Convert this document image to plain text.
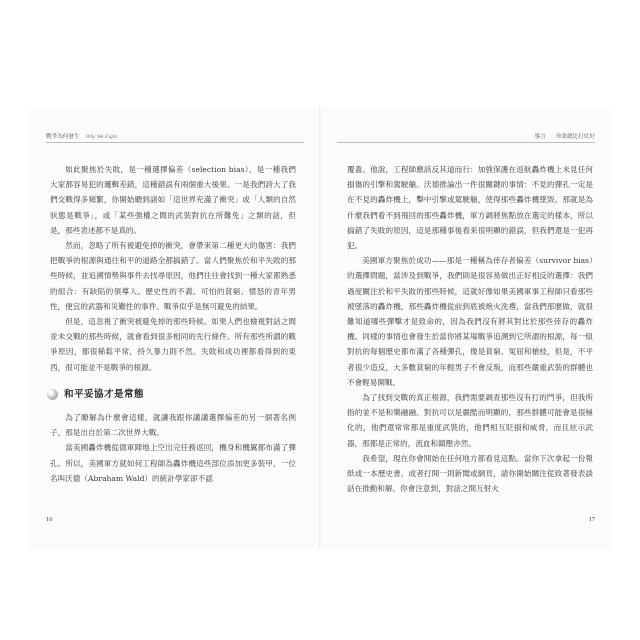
戰爭為何發生 Why We Fight

如此聚焦於失敗，是一種選擇偏差（selection bias），是一種我們大家都容易犯的邏輯差錯，這種錯誤有兩個重大後果。一是我們誇大了我們交戰得多頻繁，你開始聽到諸如「這世界充滿了衝突」或「人類的自然狀態是戰爭」，或「某些強權之間的武裝對抗在所難免」之類的話，但是，那些表述都不是真的。

然而，忽略了所有被避免掉的衝突，會帶來第二種更大的傷害：我們把戰爭的根源與通往和平的道路全都搞錯了。當人們聚焦於和平失敗的那些時候，並追溯情勢與事件去找尋原因，他們往往會找到一種大家都熟悉的組合：有缺陷的領導人、歷史性的不義、可怕的貧窮、憤怒的青年男性，便宜的武器和災難性的事件。戰爭似乎是無可避免的結果。

但是，這忽視了衝突被避免掉的那些時候。如果人們也檢視對話之間並未交戰的那些時候，就會看到很多相同的先行條件。所有那些所謂的戰爭原因，都很稀鬆平常，持久暴力則不然。失敗和成功裡都看得到的東西，很可能並不是戰爭的根源。

和平妥協才是常態

為了瞭解為什麼會這樣，就讓我跟你講講選擇偏差的另一個著名例子，那是出自於第二次世界大戰。

當美國轟炸機從德軍陣地上空出完任務返回，機身和機翼都布滿了彈孔。所以，美國軍方就如何工程師為轟炸機這些部位添加更多裝甲，一位名叫沃德（Abraham Wald）的統計學家卻不認

16
導言 珍業總比打仗好

覆蓋。他說，工程師應該反其道而行：加強保護在返航轟炸機上未見任何損傷的引擎和駕駛艙。沃德推論出一件很關鍵的事情：不見的彈孔一定是在不見的轟炸機上，擊中引擎或駕駛艙，使得那些轟炸機墜毀。那就是為什麼我們看不到飛回的那些轟炸機，軍方調將焦點放在選定的樣本，所以搞錯了失敗的原因，這是那種事後看來很明顯的錯誤，但我們還是一犯再犯。

美國軍方聚焦於成功——那是一種稱為倖存者偏差（survivor bias）的選擇問題，當涉及到戰爭，我們則是很容易做出正好相反的選擇：我們過度關注於和平失敗的那些時候，這就好像如果美國軍事工程師只看那些被墜落的轟炸機，那些轟炸機從前到底被炮火洗禮，當我們那麼做，就很難知道哪些彈擊才是致命的，因為我們沒有將其對比於那些倖存的轟炸機。同樣的事情也會發生於當你將某場戰爭追溯到它所謂的根源，每一組對抗的每個歷史都布滿了各種彈孔，像是貧窮、冤屈和槍枝，但是，不平者很少造反，大多數貧窮的年輕男子不會反叛，而那些嚴重武裝的群體也不會輕易開戰。

為了找到交戰的真正根源，我們需要調查那些沒有打的鬥爭，但我所指的並不是和樂融融。對抗可以是嚴酷而明顯的，那些群體可能會是很極化的，他們還常常都是重度武裝的，他們相互貶損和威脅，而且炫示武器，那都是正常的，流血和鎮壓亦然。

我希望，現在你會開始在任何地方都看見這點。當你下次拿起一份報紙或一本歷史書，或者打開一則新聞或網頁，請你開始關注從致著發表談話在推動和解。你會注意到，對話之間互射火

17
